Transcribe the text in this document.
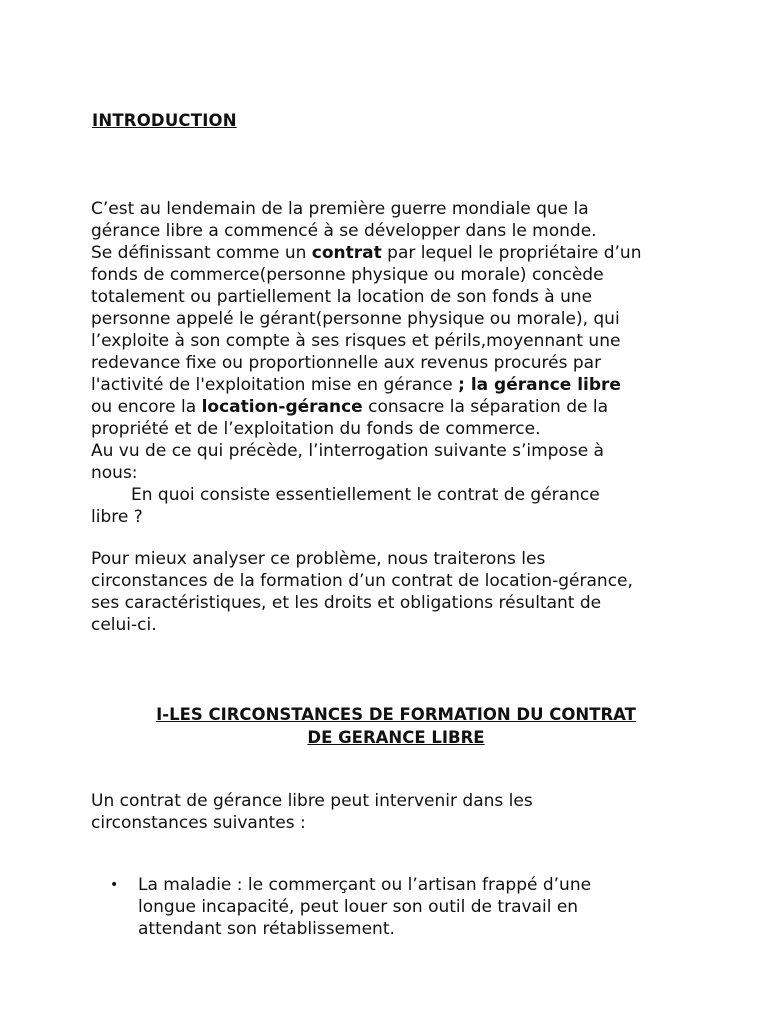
INTRODUCTION
C’est au lendemain de la première guerre mondiale que la
gérance libre a commencé à se développer dans le monde.
Se définissant comme un contrat par lequel le propriétaire d’un
fonds de commerce(personne physique ou morale) concède
totalement ou partiellement la location de son fonds à une
personne appelé le gérant(personne physique ou morale), qui
l’exploite à son compte à ses risques et périls,moyennant une
redevance fixe ou proportionnelle aux revenus procurés par
l'activité de l'exploitation mise en gérance ; la gérance libre
ou encore la location-gérance consacre la séparation de la
propriété et de l’exploitation du fonds de commerce.
Au vu de ce qui précède, l’interrogation suivante s’impose à
nous:
En quoi consiste essentiellement le contrat de gérance
libre ?
Pour mieux analyser ce problème, nous traiterons les
circonstances de la formation d’un contrat de location-gérance,
ses caractéristiques, et les droits et obligations résultant de
celui-ci.
I-LES CIRCONSTANCES DE FORMATION DU CONTRAT
DE GERANCE LIBRE
Un contrat de gérance libre peut intervenir dans les
circonstances suivantes :
• La maladie : le commerçant ou l’artisan frappé d’une
longue incapacité, peut louer son outil de travail en
attendant son rétablissement.
